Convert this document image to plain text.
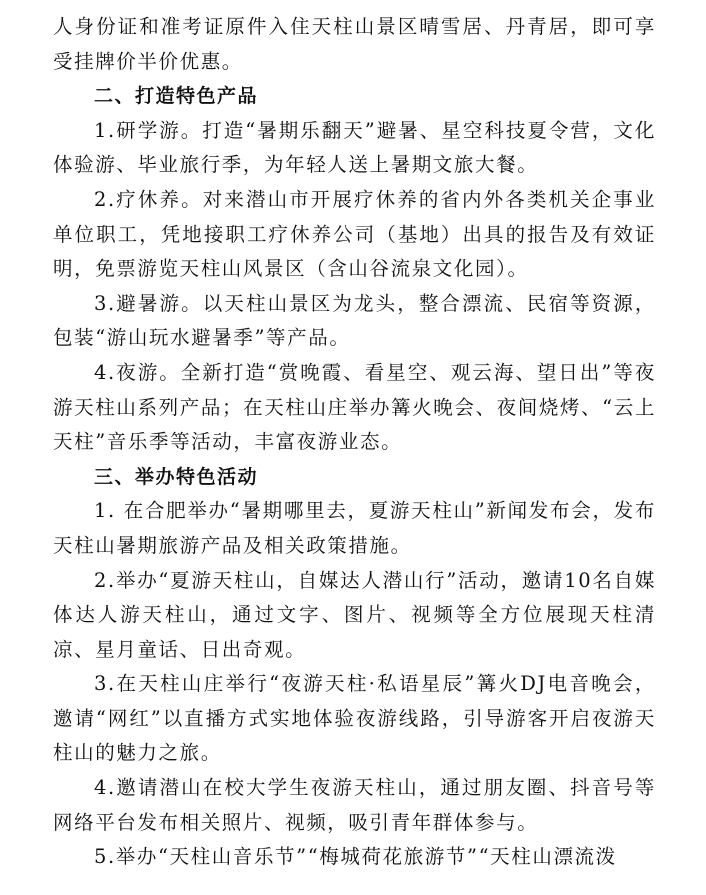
人身份证和准考证原件入住天柱山景区晴雪居、丹青居，即可享受挂牌价半价优惠。

二、打造特色产品

1.研学游。打造“暑期乐翻天”避暑、星空科技夏令营，文化体验游、毕业旅行季，为年轻人送上暑期文旅大餐。

2.疗休养。对来潜山市开展疗休养的省内外各类机关企事业单位职工，凭地接职工疗休养公司（基地）出具的报告及有效证明，免票游览天柱山风景区（含山谷流泉文化园）。

3.避暑游。以天柱山景区为龙头，整合漂流、民宿等资源，包装“游山玩水避暑季”等产品。

4.夜游。全新打造“赏晚霞、看星空、观云海、望日出”等夜游天柱山系列产品；在天柱山庄举办篝火晚会、夜间烧烤、“云上天柱”音乐季等活动，丰富夜游业态。

三、举办特色活动

1. 在合肥举办“暑期哪里去，夏游天柱山”新闻发布会，发布天柱山暑期旅游产品及相关政策措施。

2.举办“夏游天柱山，自媒达人潜山行”活动，邀请10名自媒体达人游天柱山，通过文字、图片、视频等全方位展现天柱清凉、星月童话、日出奇观。

3.在天柱山庄举行“夜游天柱·私语星辰”篝火DJ电音晚会，邀请“网红”以直播方式实地体验夜游线路，引导游客开启夜游天柱山的魅力之旅。

4.邀请潜山在校大学生夜游天柱山，通过朋友圈、抖音号等网络平台发布相关照片、视频，吸引青年群体参与。

5.举办“天柱山音乐节”“梅城荷花旅游节”“天柱山漂流泼
